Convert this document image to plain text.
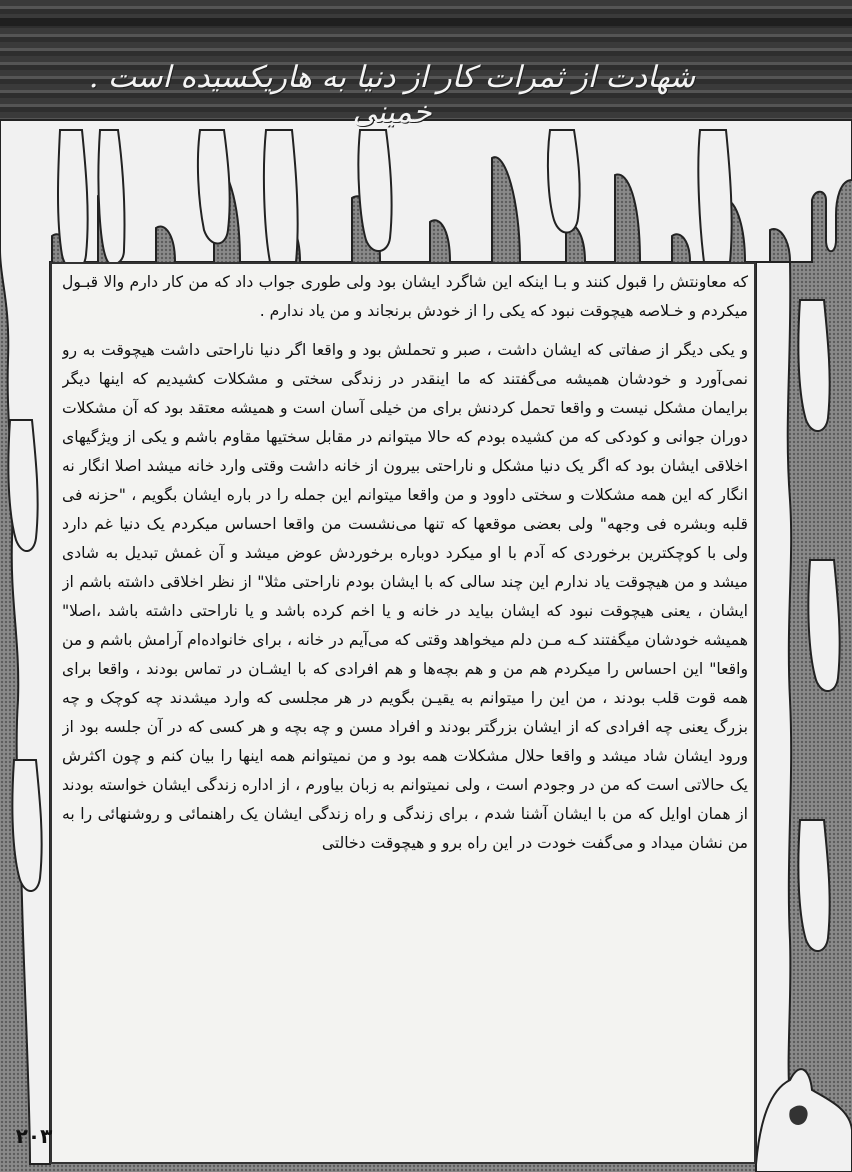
شهادت از ثمرات کار از دنیا به هاریکسیده است . خمینی

که معاونتش را قبول کنند و بـا اینکه این شاگرد ایشان بود ولی طوری جواب داد که من کار دارم والا قبـول میکردم و خـلاصه هیچوقت نبود که یکی را از خودش برنجاند و من یاد ندارم .

و یکی دیگر از صفاتی که ایشان داشت ، صبر و تحملش بود و واقعا اگر دنیا ناراحتی داشت هیچوقت به رو نمی‌آورد و خودشان همیشه می‌گفتند که ما اینقدر در زندگی سختی و مشکلات کشیدیم که اینها دیگر برایمان مشکل نیست و واقعا تحمل کردنش برای من خیلی آسان است و همیشه معتقد بود که آن مشکلات دوران جوانی و کودکی که من کشیده بودم که حالا میتوانم در مقابل سختیها مقاوم باشم و یکی از ویژگیهای اخلاقی ایشان بود که اگر یک دنیا مشکل و ناراحتی بیرون از خانه داشت وقتی وارد خانه میشد اصلا انگار نه انگار که این همه مشکلات و سختی داوود و من واقعا میتوانم این جمله را در باره ایشان بگویم ، "حزنه فی قلبه وبشره فی وجهه" ولی بعضی موقعها که تنها می‌نشست من واقعا احساس میکردم یک دنیا غم دارد ولی با کوچکترین برخوردی که آدم با او میکرد دوباره برخوردش عوض میشد و آن غمش تبدیل به شادی میشد و من هیچوقت یاد ندارم این چند سالی که با ایشان بودم ناراحتی مثلا" از نظر اخلاقی داشته باشم از ایشان ، یعنی هیچوقت نبود که ایشان بیاید در خانه و یا اخم کرده باشد و یا ناراحتی داشته باشد ،اصلا" همیشه خودشان میگفتند کـه مـن دلم میخواهد وقتی که می‌آیم در خانه ، برای خانواده‌ام آرامش باشم و من واقعا" این احساس را میکردم هم من و هم بچه‌ها و هم افرادی که با ایشـان در تماس بودند ، واقعا برای همه قوت قلب بودند ، من این را میتوانم به یقیـن بگویم در هر مجلسی که وارد میشدند چه کوچک و چه بزرگ یعنی چه افرادی که از ایشان بزرگتر بودند و افراد مسن و چه بچه و هر کسی که در آن جلسه بود از ورود ایشان شاد میشد و واقعا حلال مشکلات همه بود و من نمیتوانم همه اینها را بیان کنم و چون اکثرش یک حالاتی است که من در وجودم است ، ولی نمیتوانم به زبان بیاورم ، از اداره زندگی ایشان خواسته بودند از همان اوایل که من با ایشان آشنا شدم ، برای زندگی و راه زندگی ایشان یک راهنمائی و روشنهائی را به من نشان میداد و می‌گفت خودت در این راه برو و هیچوقت دخالتی

۲۰۳
